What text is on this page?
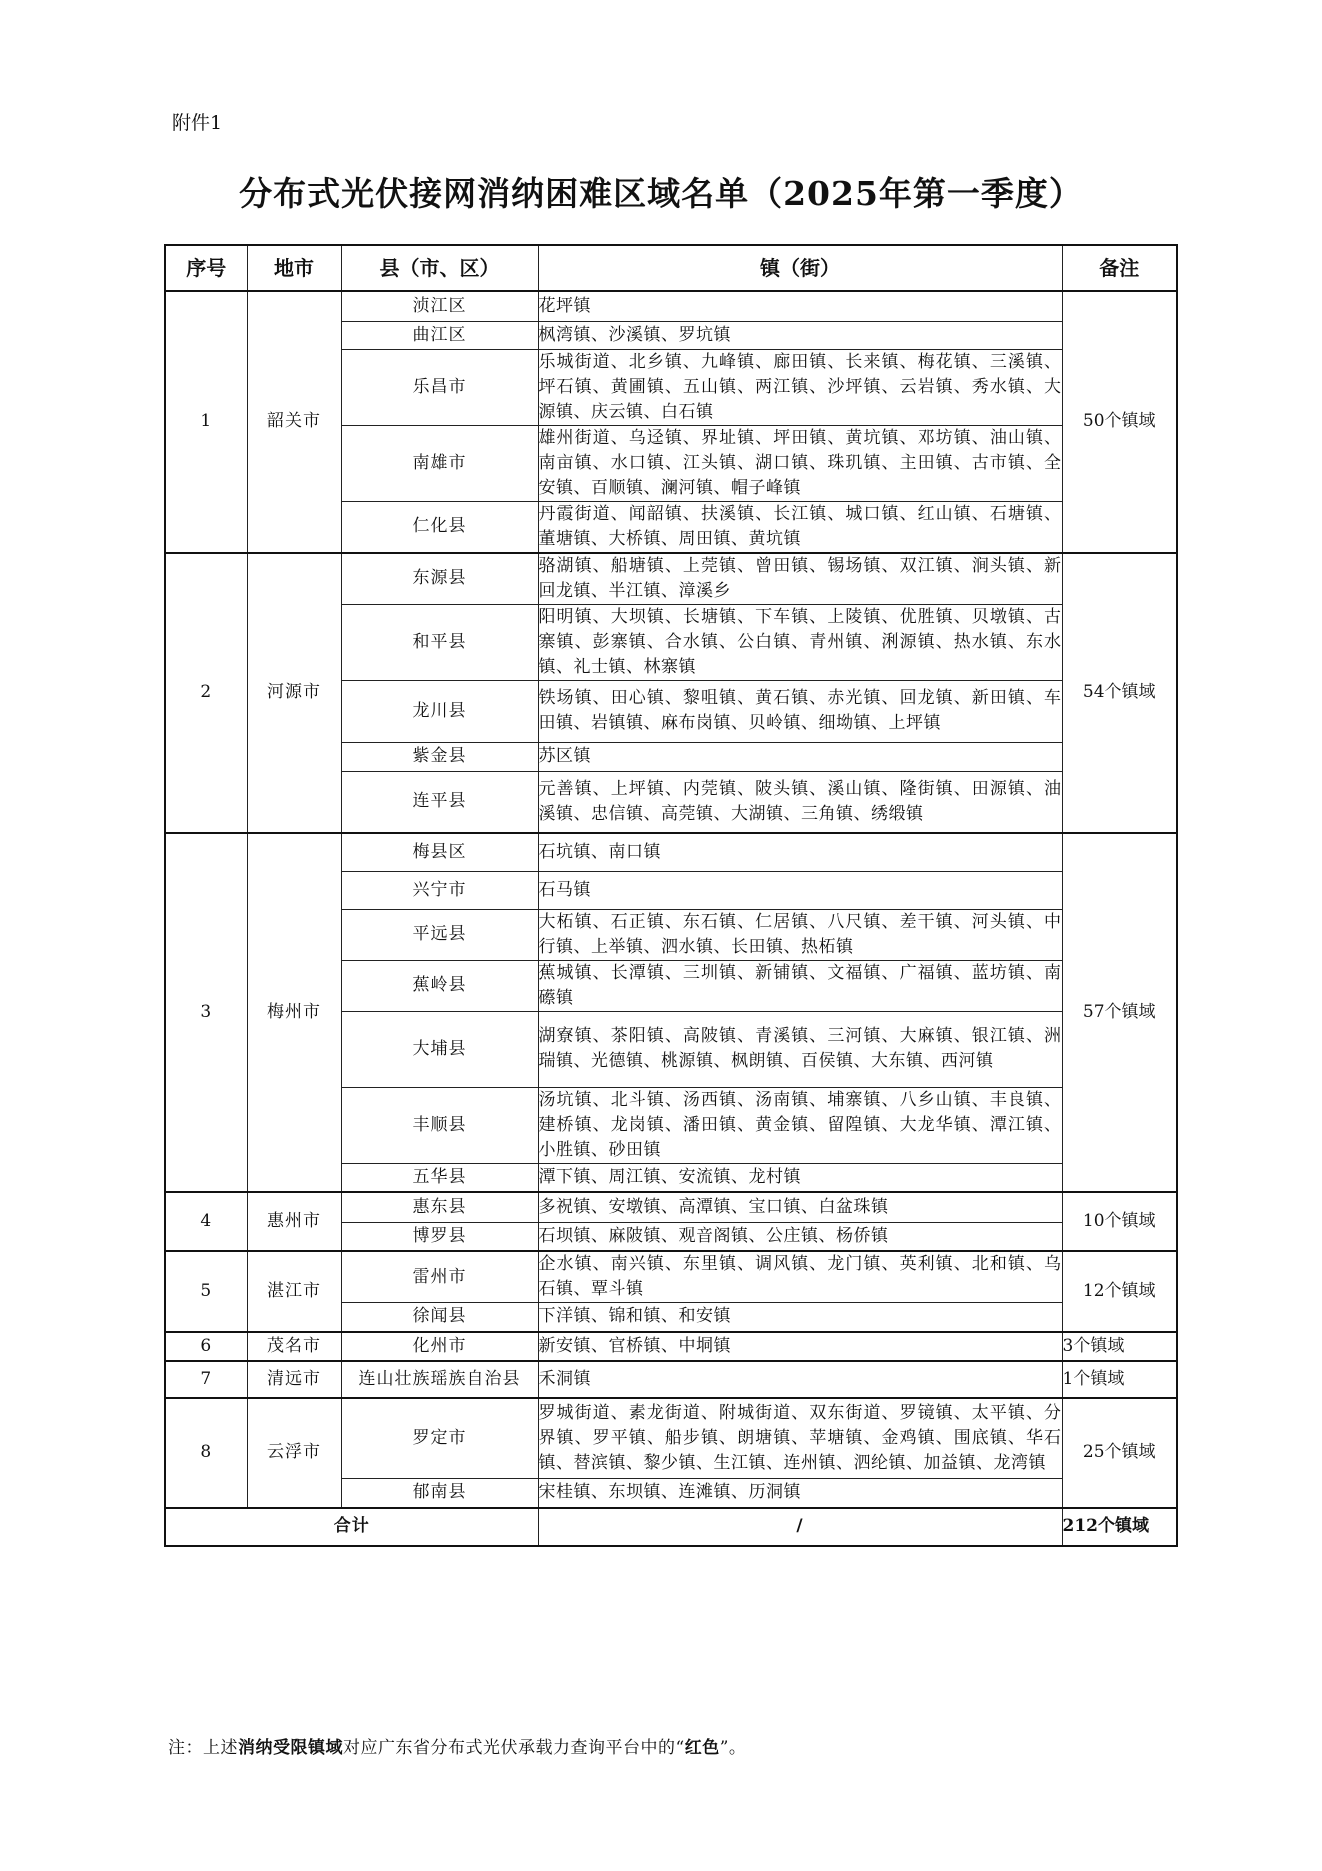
附件1
分布式光伏接网消纳困难区域名单（2025年第一季度）
序号	地市	县（市、区）	镇（街）	备注
1	韶关市	浈江区	花坪镇	50个镇域
		曲江区	枫湾镇、沙溪镇、罗坑镇	
		乐昌市	乐城街道、北乡镇、九峰镇、廊田镇、长来镇、梅花镇、三溪镇、坪石镇、黄圃镇、五山镇、两江镇、沙坪镇、云岩镇、秀水镇、大源镇、庆云镇、白石镇	
		南雄市	雄州街道、乌迳镇、界址镇、坪田镇、黄坑镇、邓坊镇、油山镇、南亩镇、水口镇、江头镇、湖口镇、珠玑镇、主田镇、古市镇、全安镇、百顺镇、澜河镇、帽子峰镇	
		仁化县	丹霞街道、闻韶镇、扶溪镇、长江镇、城口镇、红山镇、石塘镇、董塘镇、大桥镇、周田镇、黄坑镇	
2	河源市	东源县	骆湖镇、船塘镇、上莞镇、曾田镇、锡场镇、双江镇、涧头镇、新回龙镇、半江镇、漳溪乡	54个镇域
		和平县	阳明镇、大坝镇、长塘镇、下车镇、上陵镇、优胜镇、贝墩镇、古寨镇、彭寨镇、合水镇、公白镇、青州镇、浰源镇、热水镇、东水镇、礼士镇、林寨镇	
		龙川县	铁场镇、田心镇、黎咀镇、黄石镇、赤光镇、回龙镇、新田镇、车田镇、岩镇镇、麻布岗镇、贝岭镇、细坳镇、上坪镇	
		紫金县	苏区镇	
		连平县	元善镇、上坪镇、内莞镇、陂头镇、溪山镇、隆街镇、田源镇、油溪镇、忠信镇、高莞镇、大湖镇、三角镇、绣缎镇	
3	梅州市	梅县区	石坑镇、南口镇	57个镇域
		兴宁市	石马镇	
		平远县	大柘镇、石正镇、东石镇、仁居镇、八尺镇、差干镇、河头镇、中行镇、上举镇、泗水镇、长田镇、热柘镇	
		蕉岭县	蕉城镇、长潭镇、三圳镇、新铺镇、文福镇、广福镇、蓝坊镇、南礤镇	
		大埔县	湖寮镇、茶阳镇、高陂镇、青溪镇、三河镇、大麻镇、银江镇、洲瑞镇、光德镇、桃源镇、枫朗镇、百侯镇、大东镇、西河镇	
		丰顺县	汤坑镇、北斗镇、汤西镇、汤南镇、埔寨镇、八乡山镇、丰良镇、建桥镇、龙岗镇、潘田镇、黄金镇、留隍镇、大龙华镇、潭江镇、小胜镇、砂田镇	
		五华县	潭下镇、周江镇、安流镇、龙村镇	
4	惠州市	惠东县	多祝镇、安墩镇、高潭镇、宝口镇、白盆珠镇	10个镇域
		博罗县	石坝镇、麻陂镇、观音阁镇、公庄镇、杨侨镇	
5	湛江市	雷州市	企水镇、南兴镇、东里镇、调风镇、龙门镇、英利镇、北和镇、乌石镇、覃斗镇	12个镇域
		徐闻县	下洋镇、锦和镇、和安镇	
6	茂名市	化州市	新安镇、官桥镇、中垌镇	3个镇域
7	清远市	连山壮族瑶族自治县	禾洞镇	1个镇域
8	云浮市	罗定市	罗城街道、素龙街道、附城街道、双东街道、罗镜镇、太平镇、分界镇、罗平镇、船步镇、朗塘镇、苹塘镇、金鸡镇、围底镇、华石镇、替滨镇、黎少镇、生江镇、连州镇、泗纶镇、加益镇、龙湾镇	25个镇域
		郁南县	宋桂镇、东坝镇、连滩镇、历洞镇	
合计			/	212个镇域
注：上述消纳受限镇域对应广东省分布式光伏承载力查询平台中的“红色”。
